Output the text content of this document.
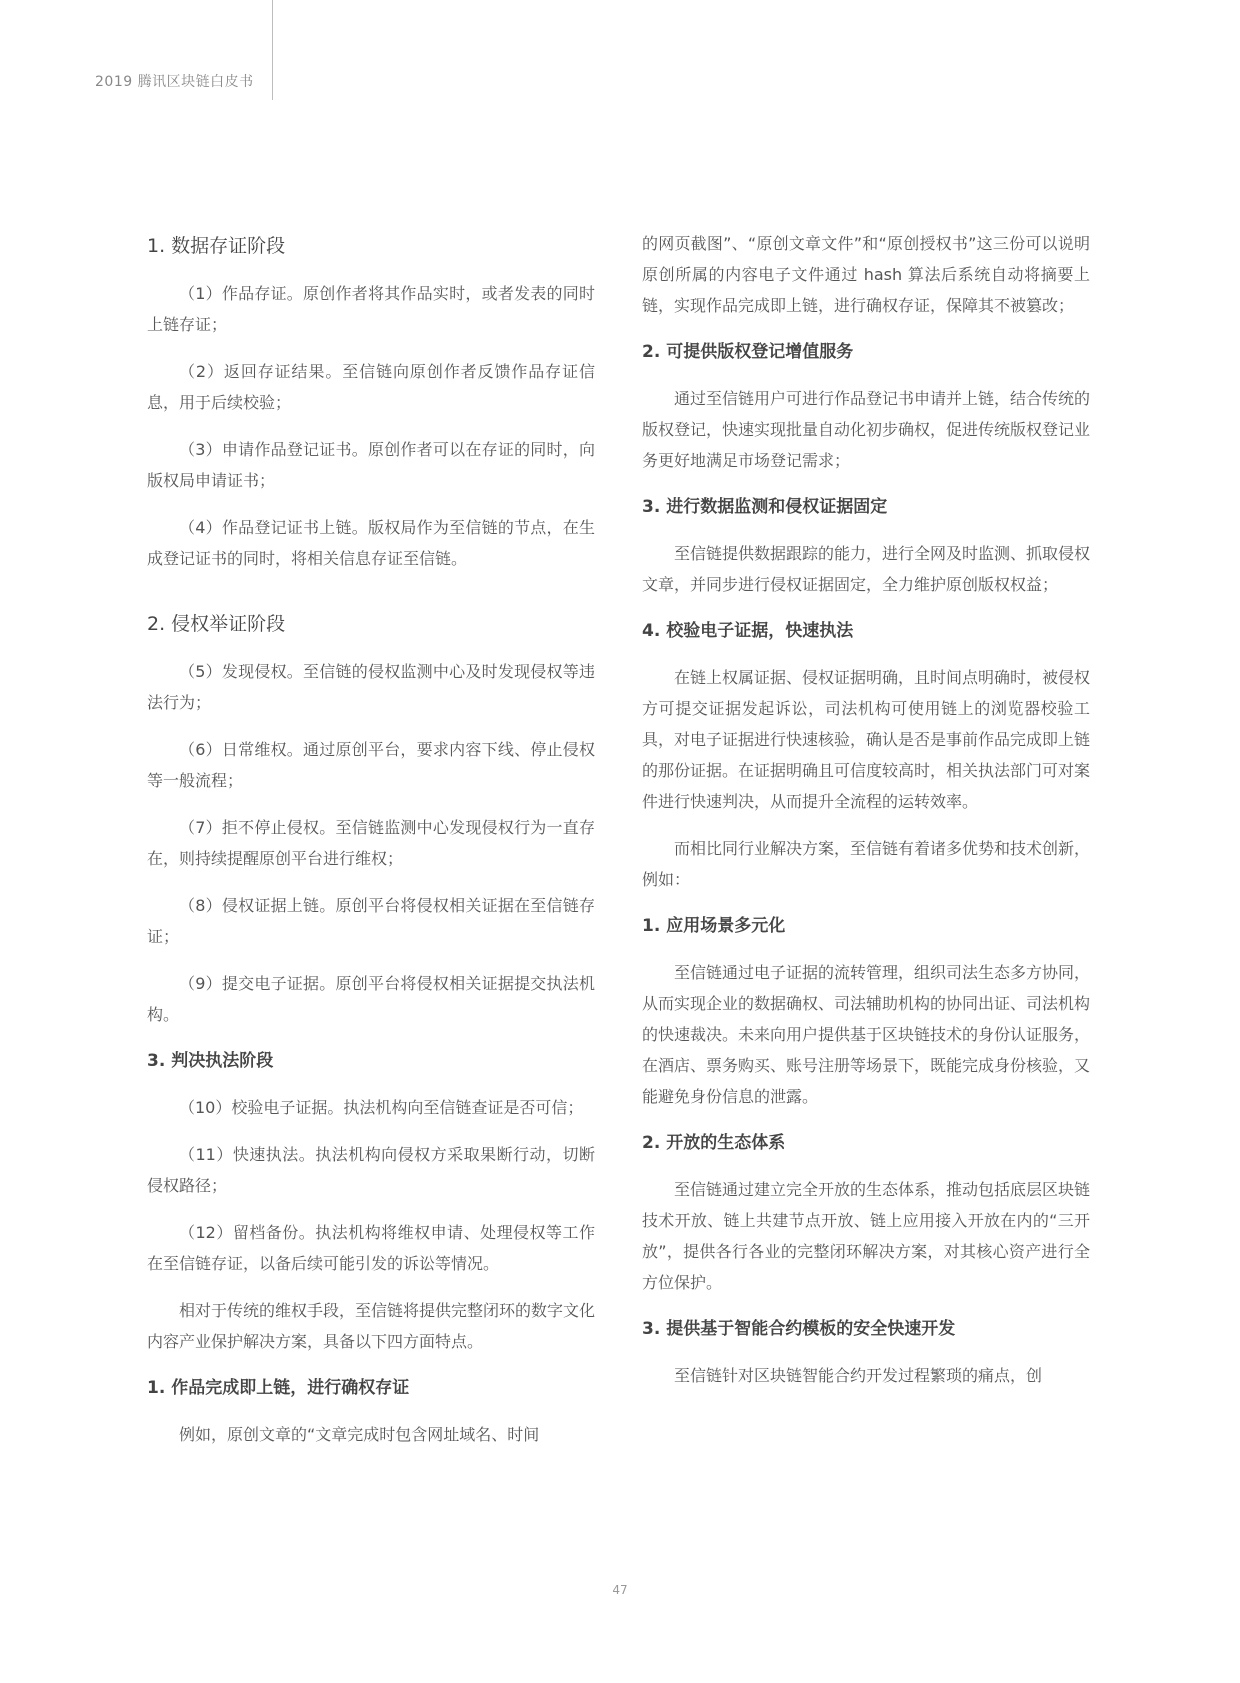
2019 腾讯区块链白皮书

1. 数据存证阶段

（1）作品存证。原创作者将其作品实时，或者发表的同时上链存证；

（2）返回存证结果。至信链向原创作者反馈作品存证信息，用于后续校验；

（3）申请作品登记证书。原创作者可以在存证的同时，向版权局申请证书；

（4）作品登记证书上链。版权局作为至信链的节点，在生成登记证书的同时，将相关信息存证至信链。

2. 侵权举证阶段

（5）发现侵权。至信链的侵权监测中心及时发现侵权等违法行为；

（6）日常维权。通过原创平台，要求内容下线、停止侵权等一般流程；

（7）拒不停止侵权。至信链监测中心发现侵权行为一直存在，则持续提醒原创平台进行维权；

（8）侵权证据上链。原创平台将侵权相关证据在至信链存证；

（9）提交电子证据。原创平台将侵权相关证据提交执法机构。

3. 判决执法阶段

（10）校验电子证据。执法机构向至信链查证是否可信；

（11）快速执法。执法机构向侵权方采取果断行动，切断侵权路径；

（12）留档备份。执法机构将维权申请、处理侵权等工作在至信链存证，以备后续可能引发的诉讼等情况。

相对于传统的维权手段，至信链将提供完整闭环的数字文化内容产业保护解决方案，具备以下四方面特点。

1. 作品完成即上链，进行确权存证

例如，原创文章的“文章完成时包含网址域名、时间

的网页截图”、“原创文章文件”和“原创授权书”这三份可以说明原创所属的内容电子文件通过 hash 算法后系统自动将摘要上链，实现作品完成即上链，进行确权存证，保障其不被篡改；

2. 可提供版权登记增值服务

通过至信链用户可进行作品登记书申请并上链，结合传统的版权登记，快速实现批量自动化初步确权，促进传统版权登记业务更好地满足市场登记需求；

3. 进行数据监测和侵权证据固定

至信链提供数据跟踪的能力，进行全网及时监测、抓取侵权文章，并同步进行侵权证据固定，全力维护原创版权权益；

4. 校验电子证据，快速执法

在链上权属证据、侵权证据明确，且时间点明确时，被侵权方可提交证据发起诉讼，司法机构可使用链上的浏览器校验工具，对电子证据进行快速核验，确认是否是事前作品完成即上链的那份证据。在证据明确且可信度较高时，相关执法部门可对案件进行快速判决，从而提升全流程的运转效率。

而相比同行业解决方案，至信链有着诸多优势和技术创新，例如：

1. 应用场景多元化

至信链通过电子证据的流转管理，组织司法生态多方协同，从而实现企业的数据确权、司法辅助机构的协同出证、司法机构的快速裁决。未来向用户提供基于区块链技术的身份认证服务，在酒店、票务购买、账号注册等场景下，既能完成身份核验，又能避免身份信息的泄露。

2. 开放的生态体系

至信链通过建立完全开放的生态体系，推动包括底层区块链技术开放、链上共建节点开放、链上应用接入开放在内的“三开放”，提供各行各业的完整闭环解决方案，对其核心资产进行全方位保护。

3. 提供基于智能合约模板的安全快速开发

至信链针对区块链智能合约开发过程繁琐的痛点，创

47
